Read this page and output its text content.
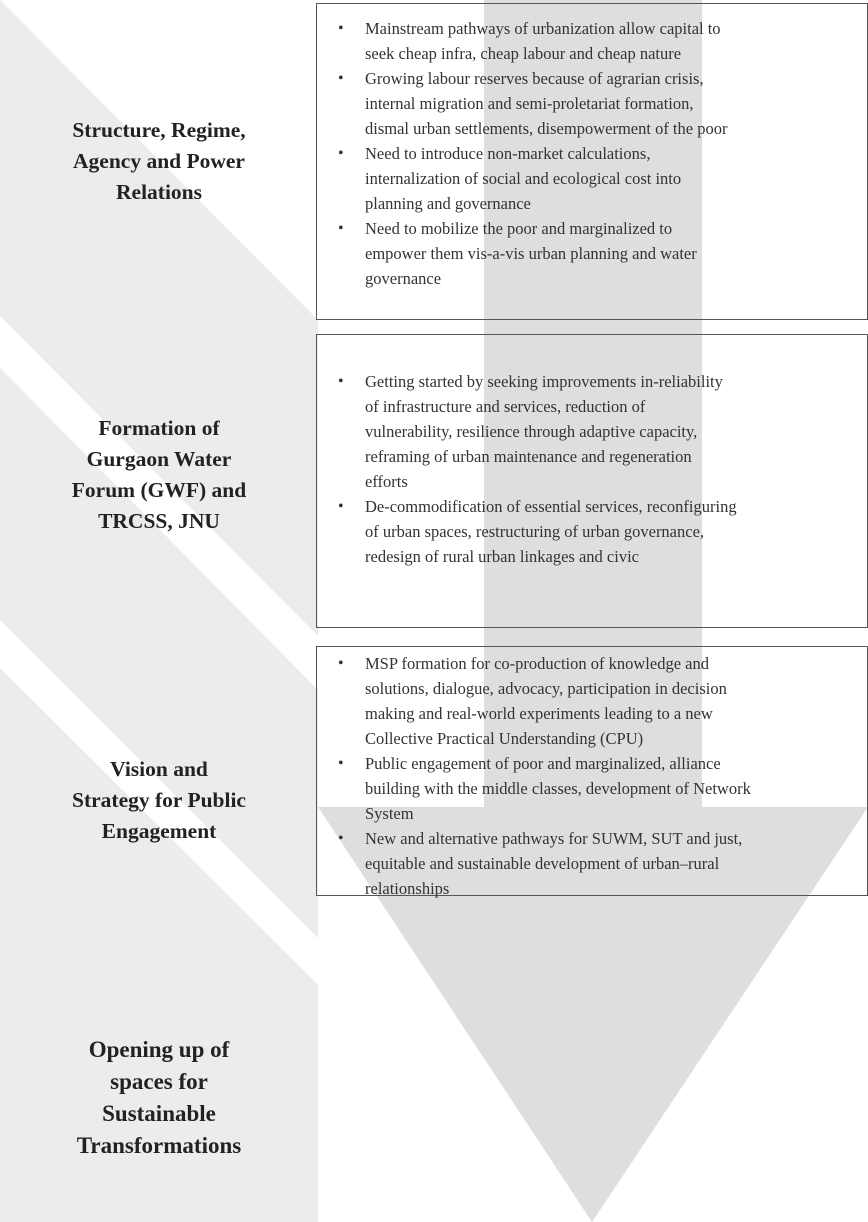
Structure, Regime,
Agency and Power
Relations
Formation of
Gurgaon Water
Forum (GWF) and
TRCSS, JNU
Vision and
Strategy for Public
Engagement
Opening up of
spaces for
Sustainable
Transformations
• Mainstream pathways of urbanization allow capital to
seek cheap infra, cheap labour and cheap nature
• Growing labour reserves because of agrarian crisis,
internal migration and semi-proletariat formation,
dismal urban settlements, disempowerment of the poor
• Need to introduce non-market calculations,
internalization of social and ecological cost into
planning and governance
• Need to mobilize the poor and marginalized to
empower them vis-a-vis urban planning and water
governance
• Getting started by seeking improvements in-reliability
of infrastructure and services, reduction of
vulnerability, resilience through adaptive capacity,
reframing of urban maintenance and regeneration
efforts
• De-commodification of essential services, reconfiguring
of urban spaces, restructuring of urban governance,
redesign of rural urban linkages and civic
• MSP formation for co-production of knowledge and
solutions, dialogue, advocacy, participation in decision
making and real-world experiments leading to a new
Collective Practical Understanding (CPU)
• Public engagement of poor and marginalized, alliance
building with the middle classes, development of Network
System
• New and alternative pathways for SUWM, SUT and just,
equitable and sustainable development of urban–rural
relationships
